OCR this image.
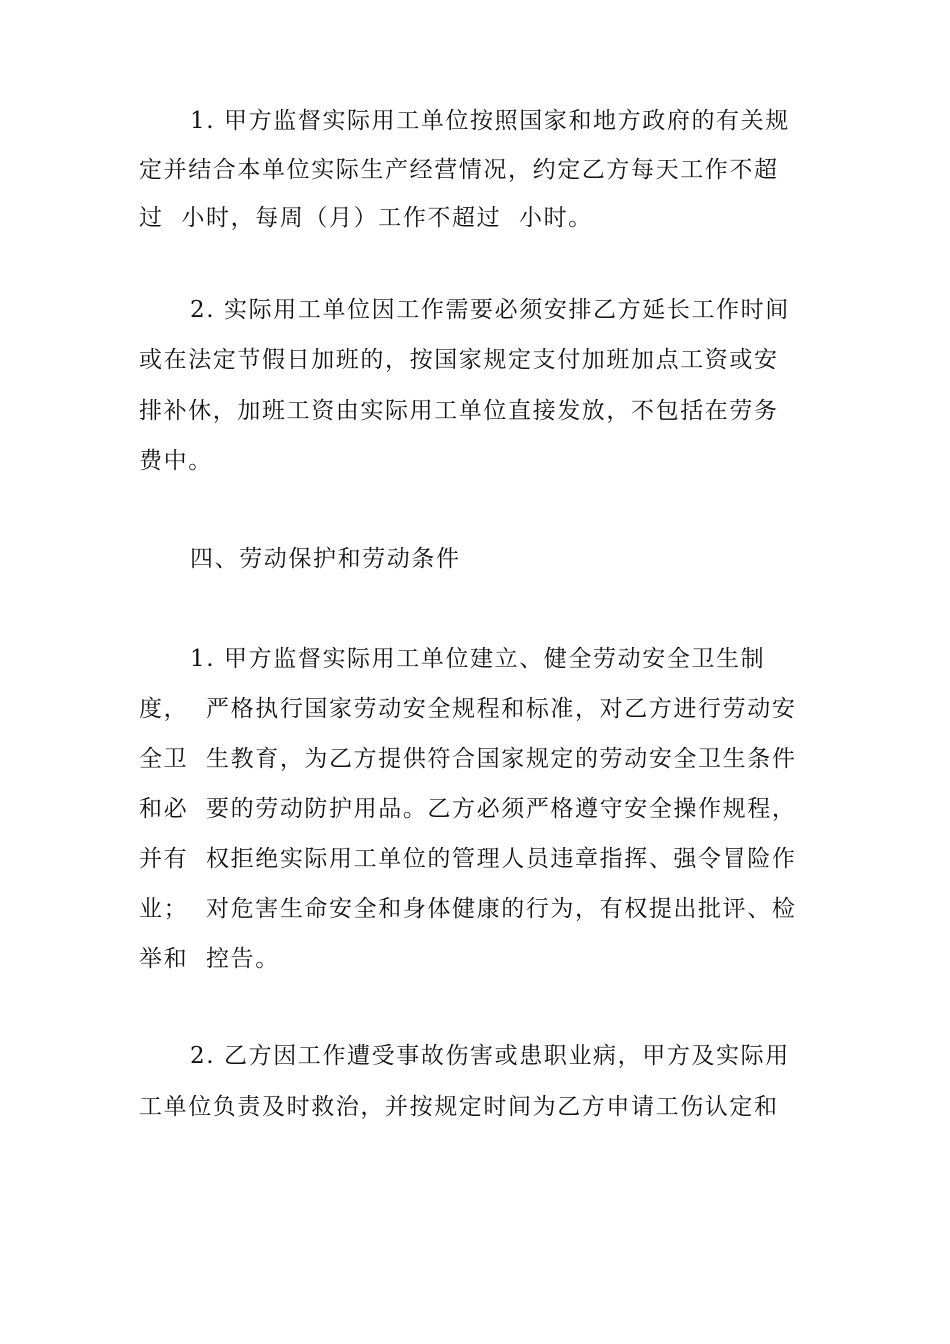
1. 甲方监督实际用工单位按照国家和地方政府的有关规
定并结合本单位实际生产经营情况，约定乙方每天工作不超
过  小时，每周（月）工作不超过  小时。
2. 实际用工单位因工作需要必须安排乙方延长工作时间
或在法定节假日加班的，按国家规定支付加班加点工资或安
排补休，加班工资由实际用工单位直接发放，不包括在劳务
费中。
四、劳动保护和劳动条件
1. 甲方监督实际用工单位建立、健全劳动安全卫生制
度，  严格执行国家劳动安全规程和标准，对乙方进行劳动安
全卫  生教育，为乙方提供符合国家规定的劳动安全卫生条件
和必  要的劳动防护用品。乙方必须严格遵守安全操作规程，
并有  权拒绝实际用工单位的管理人员违章指挥、强令冒险作
业；  对危害生命安全和身体健康的行为，有权提出批评、检
举和  控告。
2. 乙方因工作遭受事故伤害或患职业病，甲方及实际用
工单位负责及时救治，并按规定时间为乙方申请工伤认定和
